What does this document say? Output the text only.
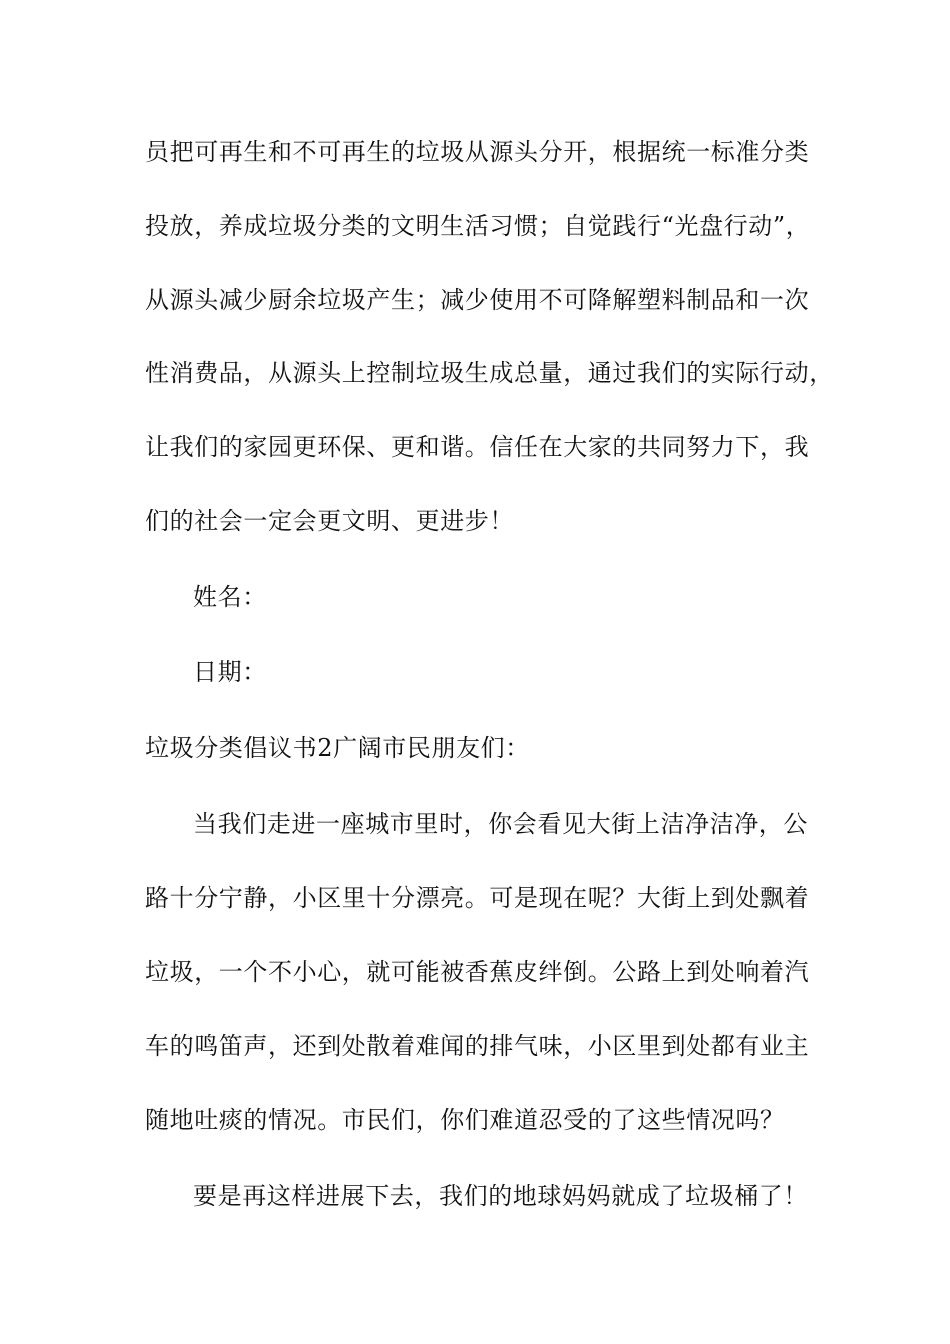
员把可再生和不可再生的垃圾从源头分开，根据统一标准分类
投放，养成垃圾分类的文明生活习惯；自觉践行“光盘行动”，
从源头减少厨余垃圾产生；减少使用不可降解塑料制品和一次
性消费品，从源头上控制垃圾生成总量，通过我们的实际行动，
让我们的家园更环保、更和谐。信任在大家的共同努力下，我
们的社会一定会更文明、更进步！
姓名：
日期：
垃圾分类倡议书2广阔市民朋友们：
当我们走进一座城市里时，你会看见大街上洁净洁净，公
路十分宁静，小区里十分漂亮。可是现在呢？大街上到处飘着
垃圾，一个不小心，就可能被香蕉皮绊倒。公路上到处响着汽
车的鸣笛声，还到处散着难闻的排气味，小区里到处都有业主
随地吐痰的情况。市民们，你们难道忍受的了这些情况吗？
要是再这样进展下去，我们的地球妈妈就成了垃圾桶了！
